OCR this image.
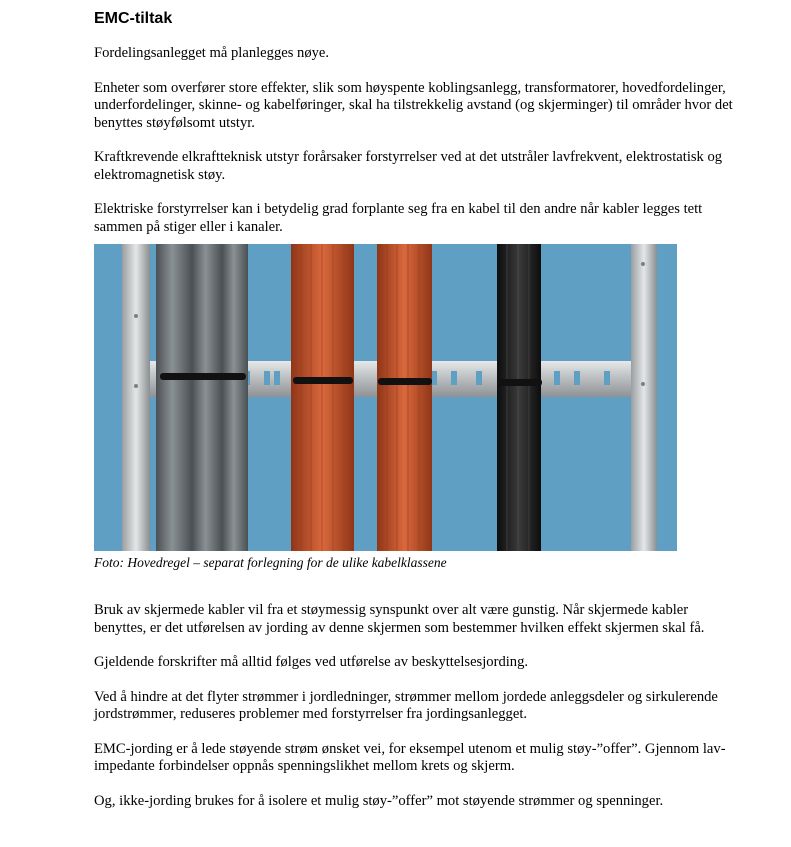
EMC-tiltak

Fordelingsanlegget må planlegges nøye.

Enheter som overfører store effekter, slik som høyspente koblingsanlegg, transformatorer, hovedfordelinger, underfordelinger, skinne- og kabelføringer, skal ha tilstrekkelig avstand (og skjerminger) til områder hvor det benyttes støyfølsomt utstyr.

Kraftkrevende elkraftteknisk utstyr forårsaker forstyrrelser ved at det utstråler lavfrekvent, elektrostatisk og elektromagnetisk støy.

Elektriske forstyrrelser kan i betydelig grad forplante seg fra en kabel til den andre når kabler legges tett sammen på stiger eller i kanaler.

Foto: Hovedregel – separat forlegning for de ulike kabelklassene

Bruk av skjermede kabler vil fra et støymessig synspunkt over alt være gunstig. Når skjermede kabler benyttes, er det utførelsen av jording av denne skjermen som bestemmer hvilken effekt skjermen skal få.

Gjeldende forskrifter må alltid følges ved utførelse av beskyttelsesjording.

Ved å hindre at det flyter strømmer i jordledninger, strømmer mellom jordede anleggsdeler og sirkulerende jordstrømmer, reduseres problemer med forstyrrelser fra jordingsanlegget.

EMC-jording er å lede støyende strøm ønsket vei, for eksempel utenom et mulig støy-”offer”. Gjennom lav-impedante forbindelser oppnås spenningslikhet mellom krets og skjerm.

Og, ikke-jording brukes for å isolere et mulig støy-”offer” mot støyende strømmer og spenninger.
